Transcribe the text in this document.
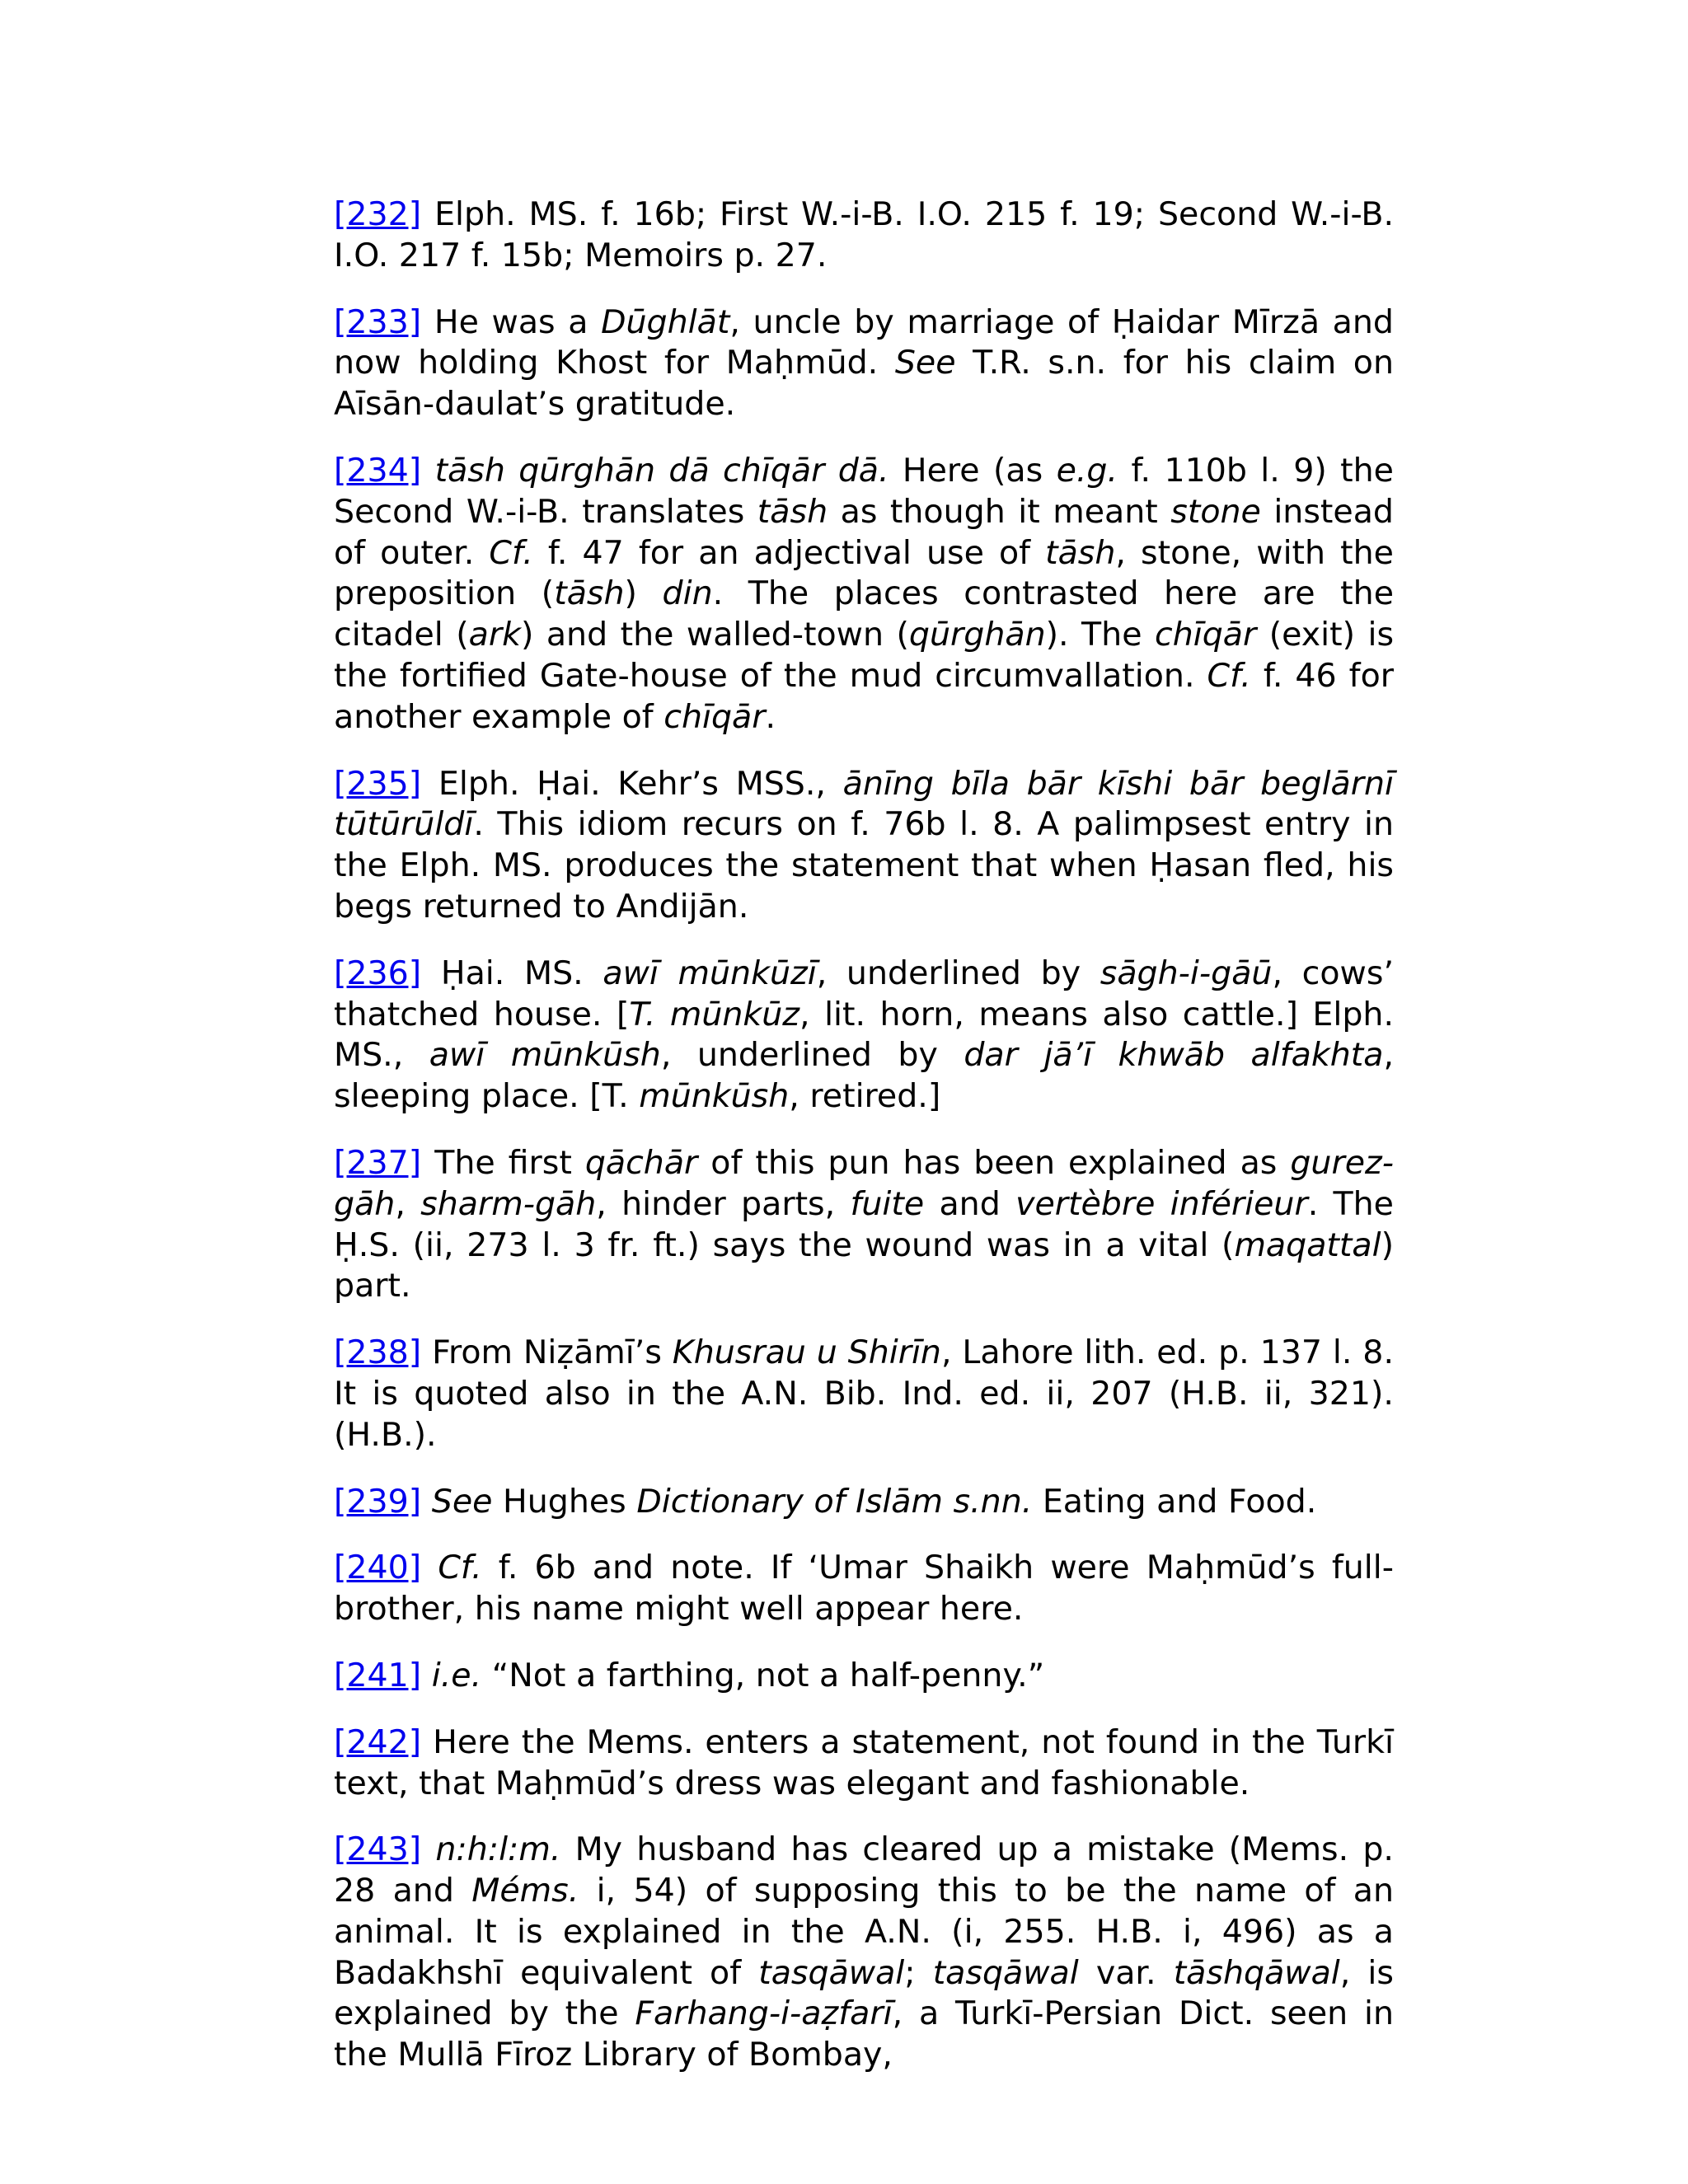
[232] Elph. MS. f. 16b; First W.-i-B. I.O. 215 f. 19; Second W.-i-B. I.O. 217 f. 15b; Memoirs p. 27.

[233] He was a Dūghlāt, uncle by marriage of Ḥaidar Mīrzā and now holding Khost for Maḥmūd. See T.R. s.n. for his claim on Aīsān-daulat’s gratitude.

[234] tāsh qūrghān dā chīqār dā. Here (as e.g. f. 110b l. 9) the Second W.-i-B. translates tāsh as though it meant stone instead of outer. Cf. f. 47 for an adjectival use of tāsh, stone, with the preposition (tāsh) din. The places contrasted here are the citadel (ark) and the walled-town (qūrghān). The chīqār (exit) is the fortified Gate-house of the mud circumvallation. Cf. f. 46 for another example of chīqār.

[235] Elph. Ḥai. Kehr’s MSS., ānīng bīla bār kīshi bār beglārnī tūtūrūldī. This idiom recurs on f. 76b l. 8. A palimpsest entry in the Elph. MS. produces the statement that when Ḥasan fled, his begs returned to Andijān.

[236] Ḥai. MS. awī mūnkūzī, underlined by sāgh-i-gāū, cows’ thatched house. [T. mūnkūz, lit. horn, means also cattle.] Elph. MS., awī mūnkūsh, underlined by dar jā’ī khwāb alfakhta, sleeping place. [T. mūnkūsh, retired.]

[237] The first qāchār of this pun has been explained as gurez-gāh, sharm-gāh, hinder parts, fuite and vertèbre inférieur. The Ḥ.S. (ii, 273 l. 3 fr. ft.) says the wound was in a vital (maqattal) part.

[238] From Niẓāmī’s Khusrau u Shirīn, Lahore lith. ed. p. 137 l. 8. It is quoted also in the A.N. Bib. Ind. ed. ii, 207 (H.B. ii, 321). (H.B.).

[239] See Hughes Dictionary of Islām s.nn. Eating and Food.

[240] Cf. f. 6b and note. If ‘Umar Shaikh were Maḥmūd’s full-brother, his name might well appear here.

[241] i.e. “Not a farthing, not a half-penny.”

[242] Here the Mems. enters a statement, not found in the Turkī text, that Maḥmūd’s dress was elegant and fashionable.

[243] n:h:l:m. My husband has cleared up a mistake (Mems. p. 28 and Méms. i, 54) of supposing this to be the name of an animal. It is explained in the A.N. (i, 255. H.B. i, 496) as a Badakhshī equivalent of tasqāwal; tasqāwal var. tāshqāwal, is explained by the Farhang-i-aẓfarī, a Turkī-Persian Dict. seen in the Mullā Fīroz Library of Bombay,
